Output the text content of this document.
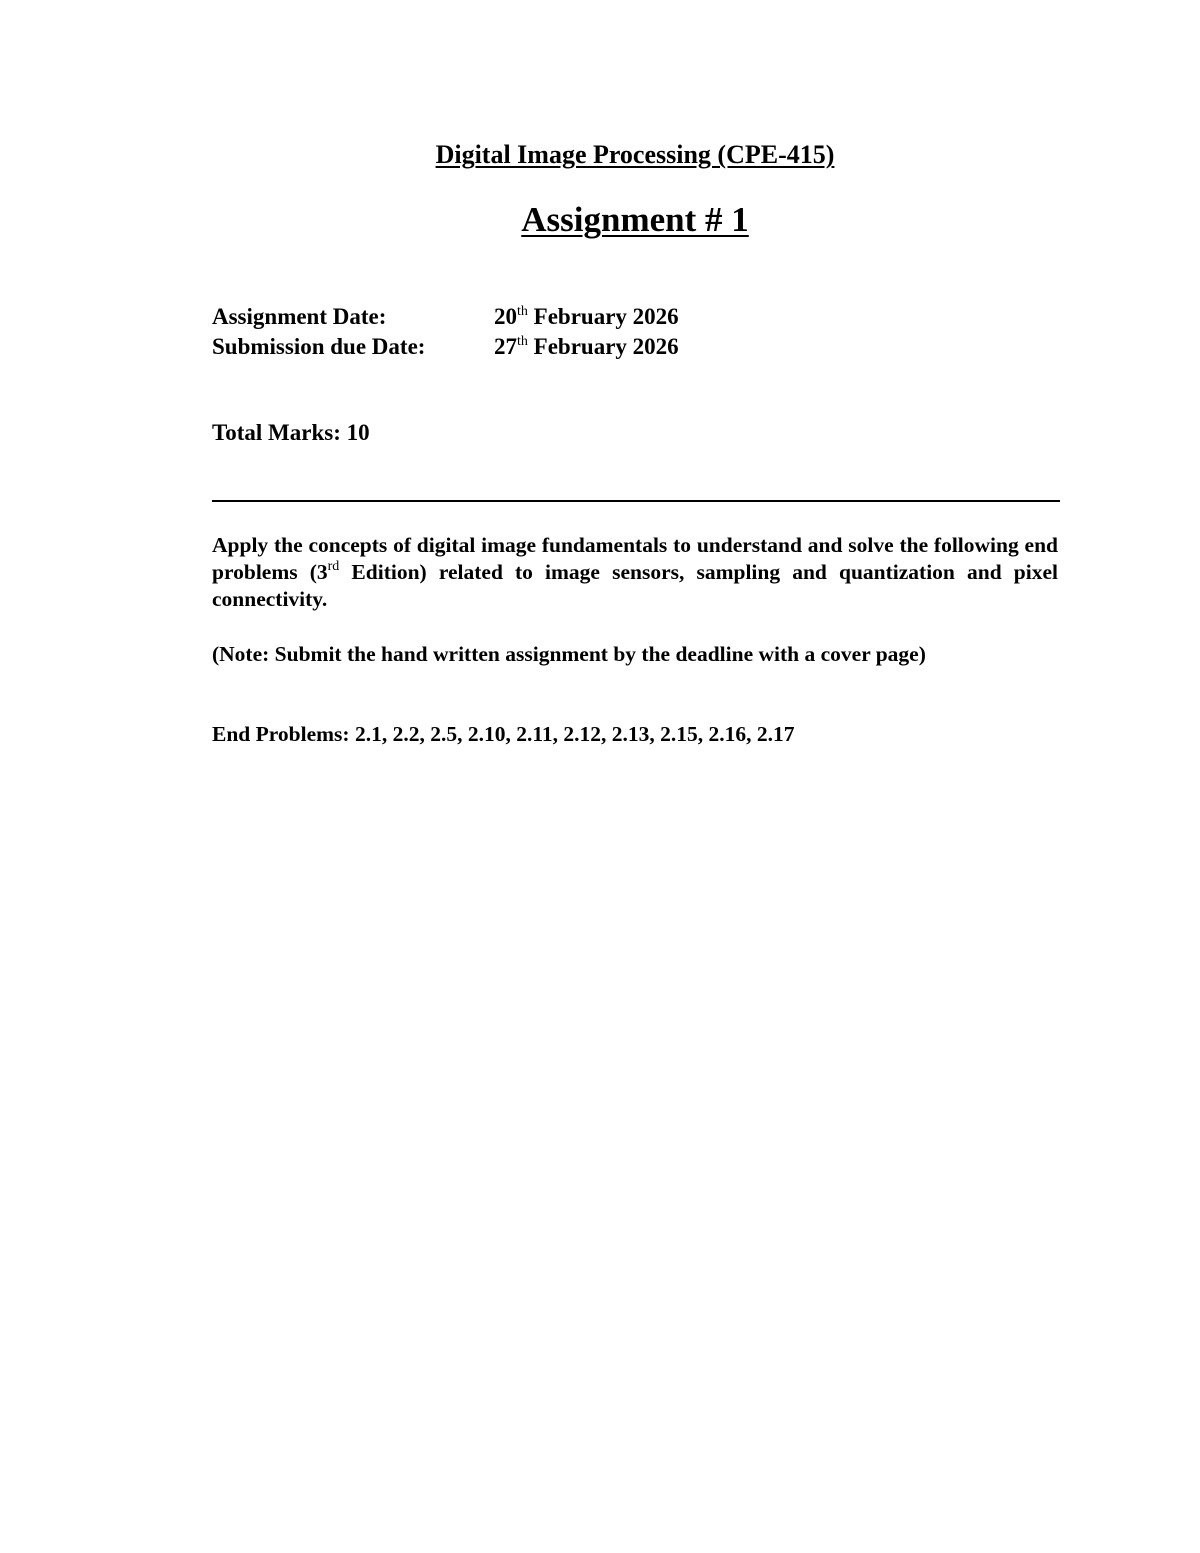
Digital Image Processing (CPE-415)
Assignment # 1
Assignment Date:	20th February 2026
Submission due Date:	27th February 2026

Total Marks: 10

Apply the concepts of digital image fundamentals to understand and solve the following end problems (3rd Edition) related to image sensors, sampling and quantization and pixel connectivity.

(Note: Submit the hand written assignment by the deadline with a cover page)

End Problems: 2.1, 2.2, 2.5, 2.10, 2.11, 2.12, 2.13, 2.15, 2.16, 2.17
